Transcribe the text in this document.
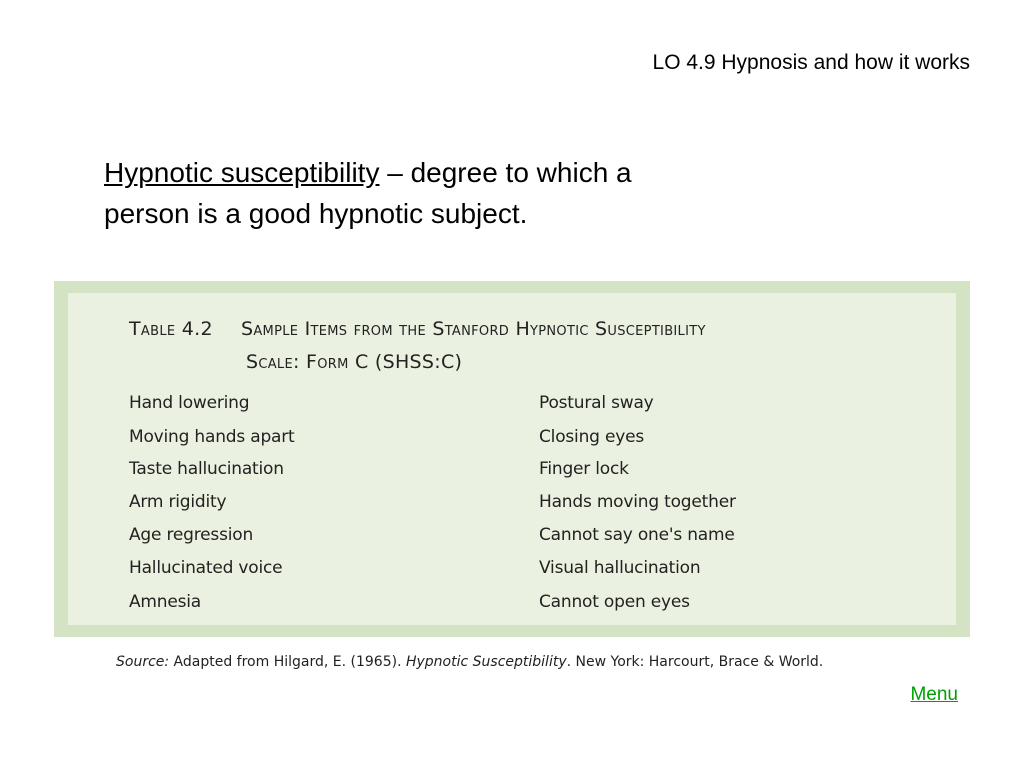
LO 4.9 Hypnosis and how it works
Hypnotic susceptibility – degree to which a person is a good hypnotic subject.
Table 4.2 Sample Items from the Stanford Hypnotic Susceptibility
Scale: Form C (SHSS:C)
Hand lowering
Moving hands apart
Taste hallucination
Arm rigidity
Age regression
Hallucinated voice
Amnesia
Postural sway
Closing eyes
Finger lock
Hands moving together
Cannot say one's name
Visual hallucination
Cannot open eyes
Source: Adapted from Hilgard, E. (1965). Hypnotic Susceptibility. New York: Harcourt, Brace & World.
Menu
